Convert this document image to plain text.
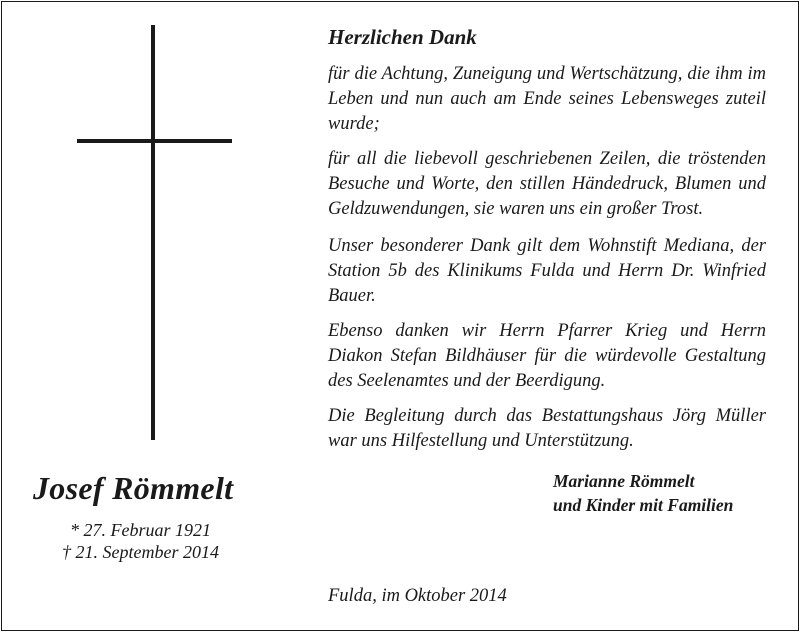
Josef Römmelt
* 27. Februar 1921
† 21. September 2014
Herzlichen Dank

für die Achtung, Zuneigung und Wertschätzung, die ihm im Leben und nun auch am Ende seines Lebensweges zuteil wurde;

für all die liebevoll geschriebenen Zeilen, die tröstenden Besuche und Worte, den stillen Händedruck, Blumen und Geldzuwendungen, sie waren uns ein großer Trost.

Unser besonderer Dank gilt dem Wohnstift Mediana, der Station 5b des Klinikums Fulda und Herrn Dr. Winfried Bauer.

Ebenso danken wir Herrn Pfarrer Krieg und Herrn Diakon Stefan Bildhäuser für die würdevolle Gestaltung des Seelenamtes und der Beerdigung.

Die Begleitung durch das Bestattungshaus Jörg Müller war uns Hilfestellung und Unterstützung.

Marianne Römmelt
und Kinder mit Familien
Fulda, im Oktober 2014
